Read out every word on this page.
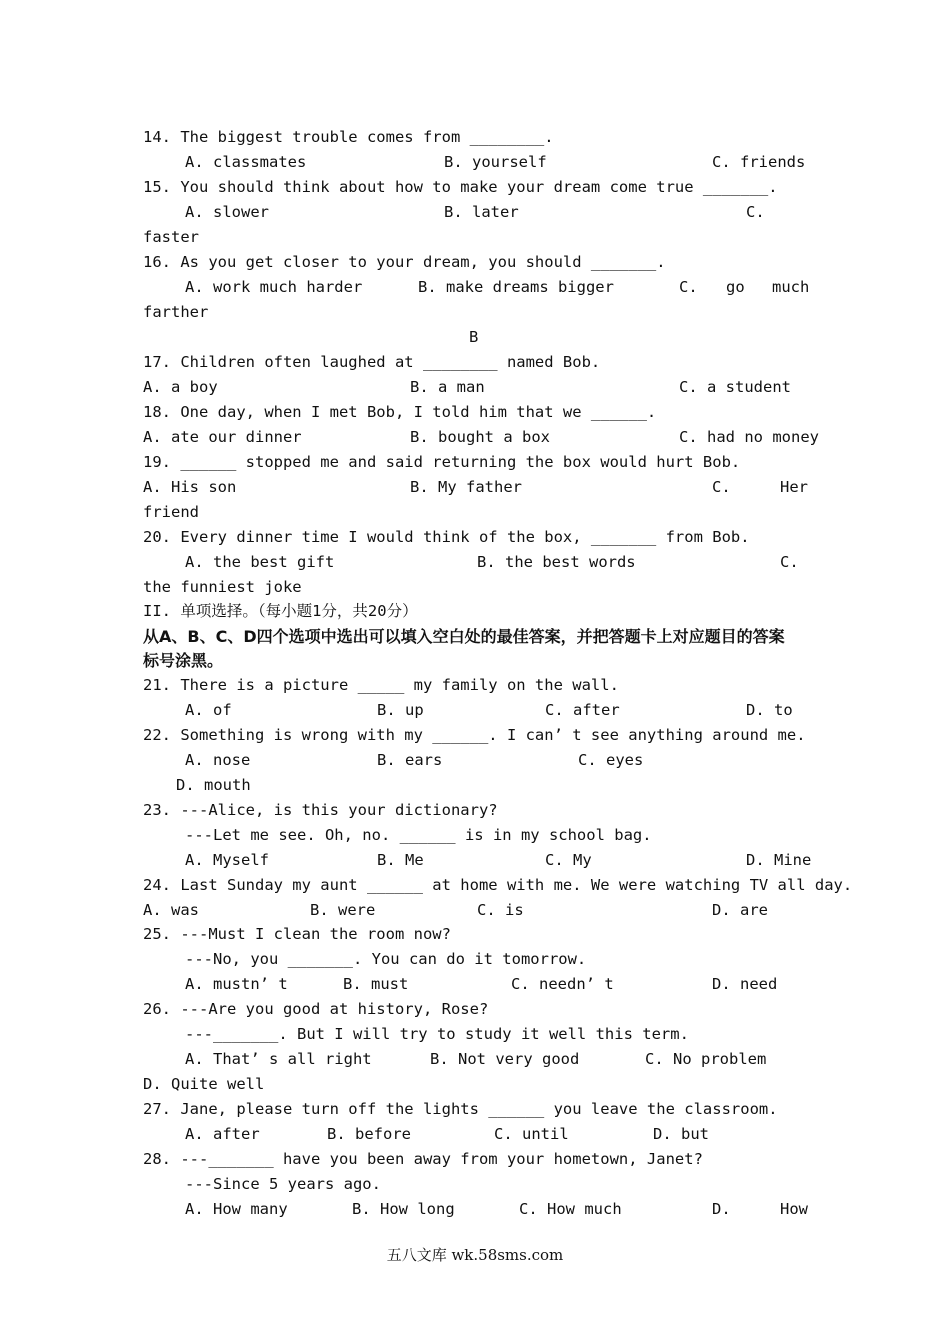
14. The biggest trouble comes from ________.
A. classmates	B. yourself	C. friends
15. You should think about how to make your dream come true _______.
A. slower	B. later	C.
faster
16. As you get closer to your dream, you should _______.
A. work much harder	B. make dreams bigger	C. go much
farther
B
17. Children often laughed at ________ named Bob.
A. a boy	B. a man	C. a student
18. One day, when I met Bob, I told him that we ______.
A. ate our dinner	B. bought a box	C. had no money
19. ______ stopped me and said returning the box would hurt Bob.
A. His son	B. My father	C.	Her
friend
20. Every dinner time I would think of the box, _______ from Bob.
A. the best gift	B. the best words	C.
the funniest joke
II. 单项选择。（每小题1分，共20分）
从A、B、C、D四个选项中选出可以填入空白处的最佳答案，并把答题卡上对应题目的答案
标号涂黑。
21. There is a picture _____ my family on the wall.
A. of	B. up	C. after	D. to
22. Something is wrong with my ______. I can’ t see anything around me.
A. nose	B. ears	C. eyes
D. mouth
23. ---Alice, is this your dictionary?
---Let me see. Oh, no. ______ is in my school bag.
A. Myself	B. Me	C. My	D. Mine
24. Last Sunday my aunt ______ at home with me. We were watching TV all day.
A. was	B. were	C. is	D. are
25. ---Must I clean the room now?
---No, you _______. You can do it tomorrow.
A. mustn’ t	B. must	C. needn’ t	D. need
26. ---Are you good at history, Rose?
---_______. But I will try to study it well this term.
A. That’ s all right	B. Not very good	C. No problem
D. Quite well
27. Jane, please turn off the lights ______ you leave the classroom.
A. after	B. before	C. until	D. but
28. ---_______ have you been away from your hometown, Janet?
---Since 5 years ago.
A. How many	B. How long	C. How much	D.	How
五八文库 wk.58sms.com
